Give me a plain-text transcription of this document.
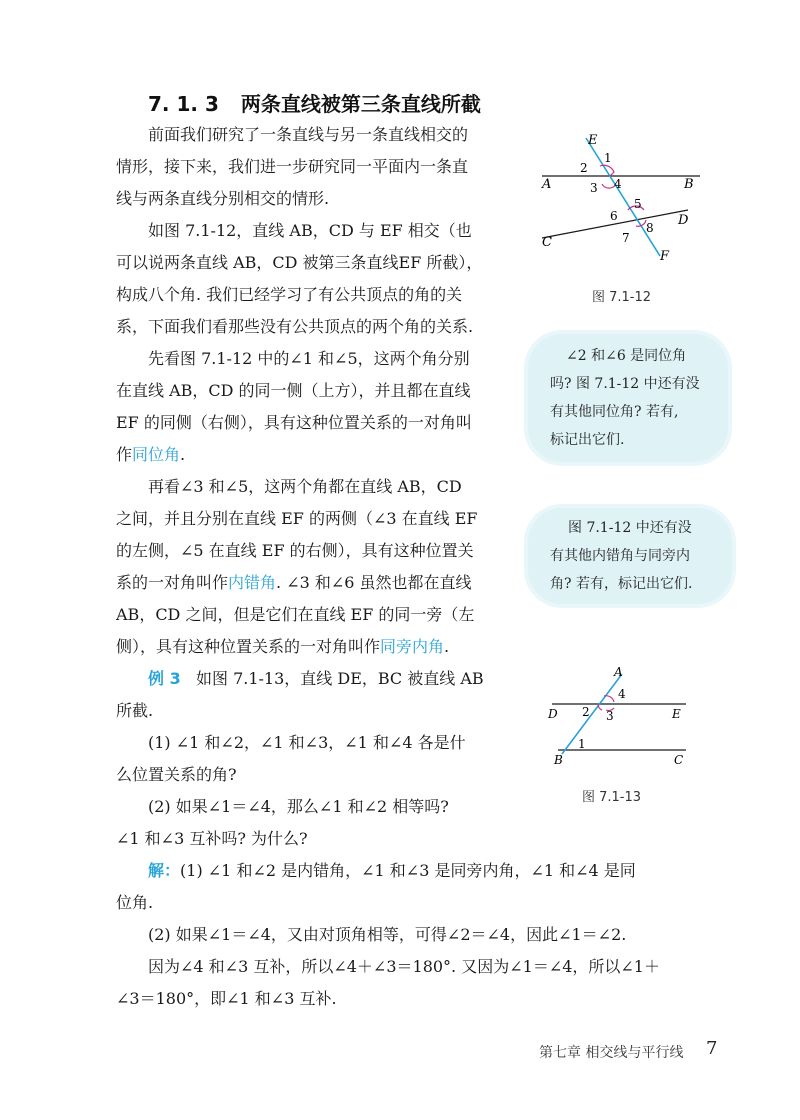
7. 1. 3 两条直线被第三条直线所截
前面我们研究了一条直线与另一条直线相交的
情形，接下来，我们进一步研究同一平面内一条直
线与两条直线分别相交的情形.
如图 7.1-12，直线 AB，CD 与 EF 相交（也
可以说两条直线 AB，CD 被第三条直线EF 所截），
构成八个角. 我们已经学习了有公共顶点的角的关
系，下面我们看那些没有公共顶点的两个角的关系.
先看图 7.1-12 中的∠1 和∠5，这两个角分别
在直线 AB，CD 的同一侧（上方），并且都在直线
EF 的同侧（右侧），具有这种位置关系的一对角叫
作同位角.
再看∠3 和∠5，这两个角都在直线 AB，CD
之间，并且分别在直线 EF 的两侧（∠3 在直线 EF
的左侧，∠5 在直线 EF 的右侧），具有这种位置关
系的一对角叫作内错角. ∠3 和∠6 虽然也都在直线
AB，CD 之间，但是它们在直线 EF 的同一旁（左
侧），具有这种位置关系的一对角叫作同旁内角.
例 3 如图 7.1-13，直线 DE，BC 被直线 AB
所截.
(1) ∠1 和∠2，∠1 和∠3，∠1 和∠4 各是什
么位置关系的角?
(2) 如果∠1＝∠4，那么∠1 和∠2 相等吗?
∠1 和∠3 互补吗? 为什么?
解：(1) ∠1 和∠2 是内错角，∠1 和∠3 是同旁内角，∠1 和∠4 是同
位角.
(2) 如果∠1＝∠4，又由对顶角相等，可得∠2＝∠4，因此∠1＝∠2.
因为∠4 和∠3 互补，所以∠4＋∠3＝180°. 又因为∠1＝∠4，所以∠1＋
∠3＝180°，即∠1 和∠3 互补.
E
A	B
C
D
F
1
2
3 4
5
6
7
8
图 7.1-12
∠2 和∠6 是同位角
吗? 图 7.1-12 中还有没
有其他同位角? 若有,
标记出它们.
图 7.1-12 中还有没
有其他内错角与同旁内
角? 若有，标记出它们.
A
D	E
B	C
1
2 3
4
图 7.1-13
第七章 相交线与平行线 7
